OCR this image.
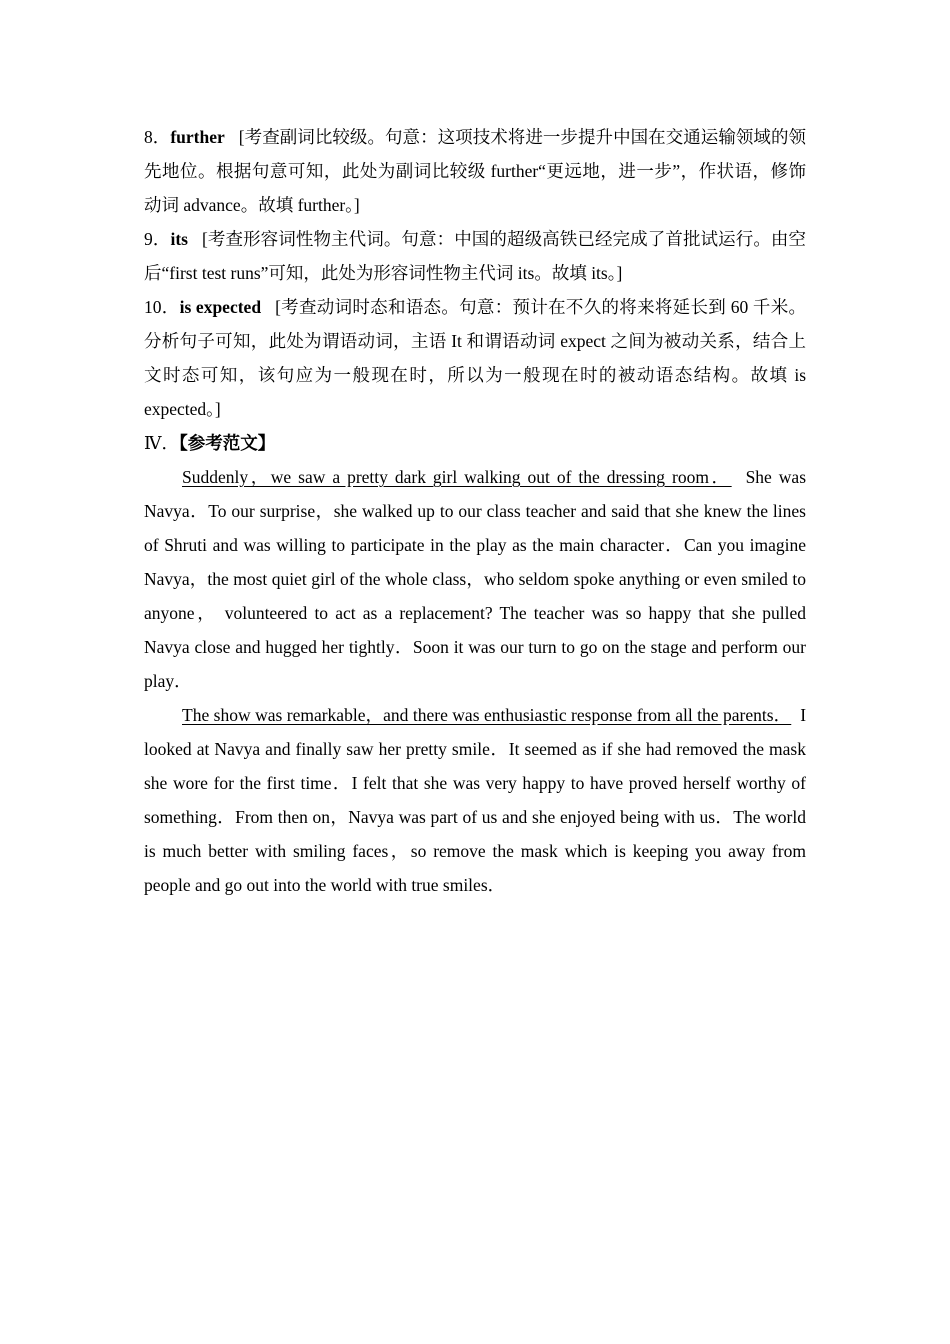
8．further [考查副词比较级。句意：这项技术将进一步提升中国在交通运输领域的领先地位。根据句意可知，此处为副词比较级 further“更远地，进一步”，作状语，修饰动词 advance。故填 further。]

9．its [考查形容词性物主代词。句意：中国的超级高铁已经完成了首批试运行。由空后“first test runs”可知，此处为形容词性物主代词 its。故填 its。]

10．is expected [考查动词时态和语态。句意：预计在不久的将来将延长到 60 千米。分析句子可知，此处为谓语动词，主语 It 和谓语动词 expect 之间为被动关系，结合上文时态可知，该句应为一般现在时，所以为一般现在时的被动语态结构。故填 is expected。]

Ⅳ．【参考范文】

Suddenly，we saw a pretty dark girl walking out of the dressing room． She was Navya．To our surprise，she walked up to our class teacher and said that she knew the lines of Shruti and was willing to participate in the play as the main character．Can you imagine Navya，the most quiet girl of the whole class，who seldom spoke anything or even smiled to anyone， volunteered to act as a replacement? The teacher was so happy that she pulled Navya close and hugged her tightly．Soon it was our turn to go on the stage and perform our play．

The show was remarkable，and there was enthusiastic response from all the parents． I looked at Navya and finally saw her pretty smile．It seemed as if she had removed the mask she wore for the first time．I felt that she was very happy to have proved herself worthy of something．From then on，Navya was part of us and she enjoyed being with us．The world is much better with smiling faces，so remove the mask which is keeping you away from people and go out into the world with true smiles．
